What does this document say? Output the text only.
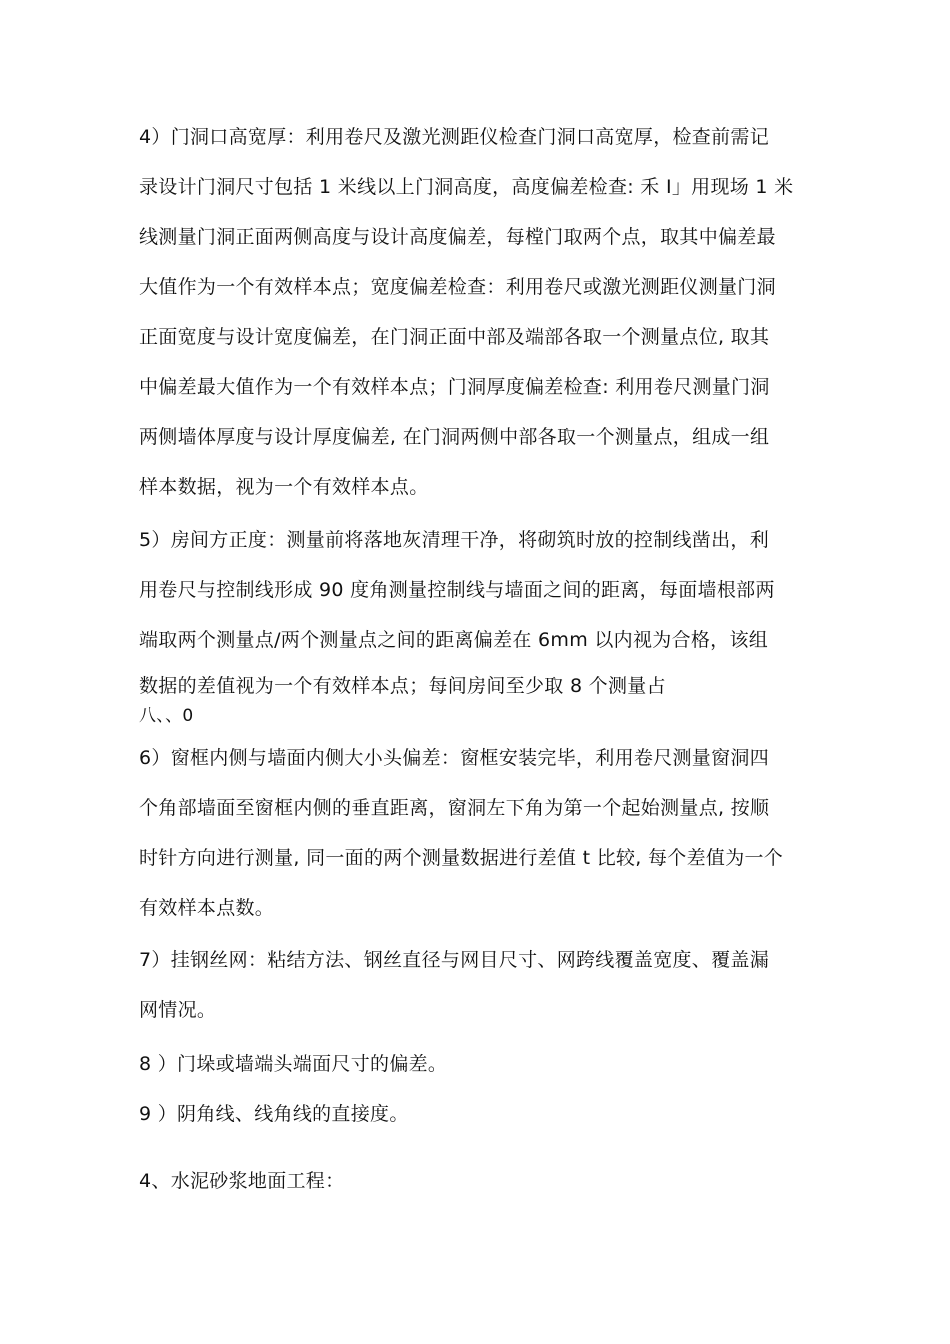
4）门洞口高宽厚：利用卷尺及激光测距仪检查门洞口高宽厚，检查前需记

录设计门洞尺寸包括 1 米线以上门洞高度，高度偏差检查: 禾 I」用现场 1 米

线测量门洞正面两侧高度与设计高度偏差，每樘门取两个点，取其中偏差最

大值作为一个有效样本点；宽度偏差检查：利用卷尺或激光测距仪测量门洞

正面宽度与设计宽度偏差，在门洞正面中部及端部各取一个测量点位, 取其

中偏差最大值作为一个有效样本点；门洞厚度偏差检查: 利用卷尺测量门洞

两侧墙体厚度与设计厚度偏差, 在门洞两侧中部各取一个测量点，组成一组

样本数据，视为一个有效样本点。

5）房间方正度：测量前将落地灰清理干净，将砌筑时放的控制线凿出，利

用卷尺与控制线形成 90 度角测量控制线与墙面之间的距离，每面墙根部两

端取两个测量点/两个测量点之间的距离偏差在 6mm 以内视为合格，该组

数据的差值视为一个有效样本点；每间房间至少取 8 个测量占

八、、0

6）窗框内侧与墙面内侧大小头偏差：窗框安装完毕，利用卷尺测量窗洞四

个角部墙面至窗框内侧的垂直距离，窗洞左下角为第一个起始测量点, 按顺

时针方向进行测量, 同一面的两个测量数据进行差值 t 比较, 每个差值为一个

有效样本点数。

7）挂钢丝网：粘结方法、钢丝直径与网目尺寸、网跨线覆盖宽度、覆盖漏

网情况。

8 ）门垛或墙端头端面尺寸的偏差。

9 ）阴角线、线角线的直接度。

4、水泥砂浆地面工程：
